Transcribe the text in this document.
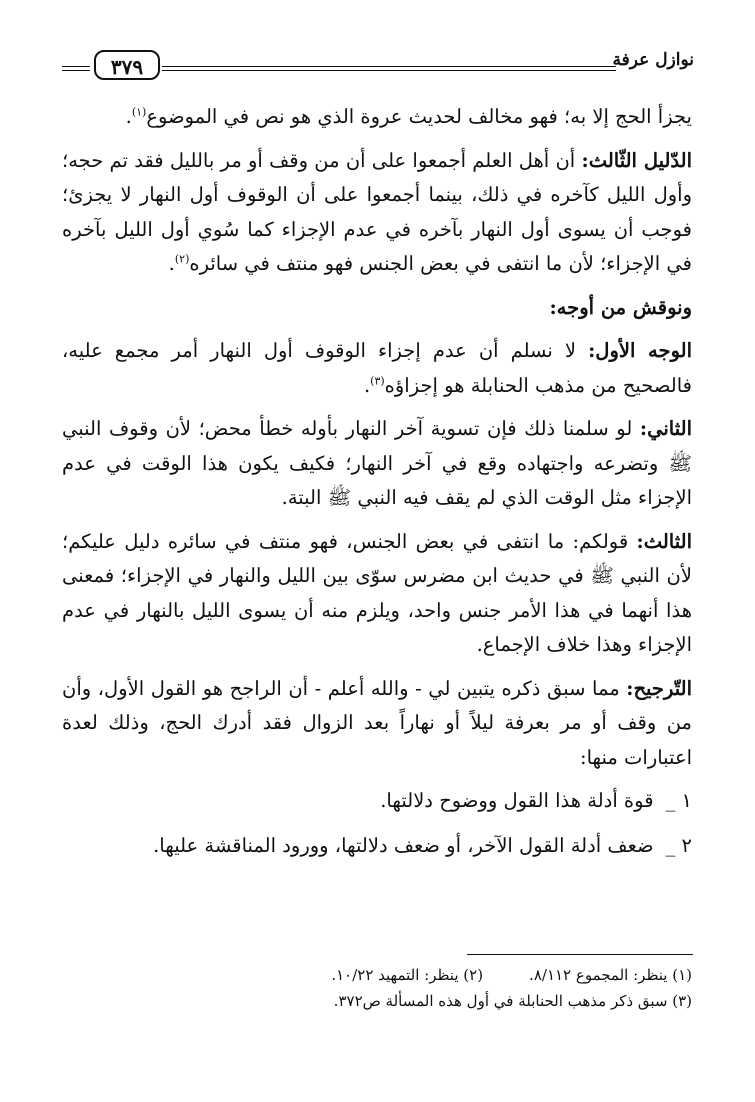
٣٧٩	نوازل عرفة

يجزأ الحج إلا به؛ فهو مخالف لحديث عروة الذي هو نص في الموضوع$^{(١)}$.

الدّليل الثّالث: أن أهل العلم أجمعوا على أن من وقف أو مر بالليل فقد تم حجه؛ وأول الليل كآخره في ذلك، بينما أجمعوا على أن الوقوف أول النهار لا يجزئ؛ فوجب أن يسوى أول النهار بآخره في عدم الإجزاء كما سُوي أول الليل بآخره في الإجزاء؛ لأن ما انتفى في بعض الجنس فهو منتف في سائره$^{(٢)}$.

ونوقش من أوجه:

الوجه الأول: لا نسلم أن عدم إجزاء الوقوف أول النهار أمر مجمع عليه، فالصحيح من مذهب الحنابلة هو إجزاؤه$^{(٣)}$.

الثاني: لو سلمنا ذلك فإن تسوية آخر النهار بأوله خطأ محض؛ لأن وقوف النبي ﷺ وتضرعه واجتهاده وقع في آخر النهار؛ فكيف يكون هذا الوقت في عدم الإجزاء مثل الوقت الذي لم يقف فيه النبي ﷺ البتة.

الثالث: قولكم: ما انتفى في بعض الجنس، فهو منتف في سائره دليل عليكم؛ لأن النبي ﷺ في حديث ابن مضرس سوّى بين الليل والنهار في الإجزاء؛ فمعنى هذا أنهما في هذا الأمر جنس واحد، ويلزم منه أن يسوى الليل بالنهار في عدم الإجزاء وهذا خلاف الإجماع.

التّرجيح: مما سبق ذكره يتبين لي - والله أعلم - أن الراجح هو القول الأول، وأن من وقف أو مر بعرفة ليلاً أو نهاراً بعد الزوال فقد أدرك الحج، وذلك لعدة اعتبارات منها:

١ _
قوة أدلة هذا القول ووضوح دلالتها.
٢ _
ضعف أدلة القول الآخر، أو ضعف دلالتها، وورود المناقشة عليها.
(١) ينظر: المجموع ٨/١١٢.
(٢) ينظر: التمهيد ١٠/٢٢.
(٣) سبق ذكر مذهب الحنابلة في أول هذه المسألة ص٣٧٢.
